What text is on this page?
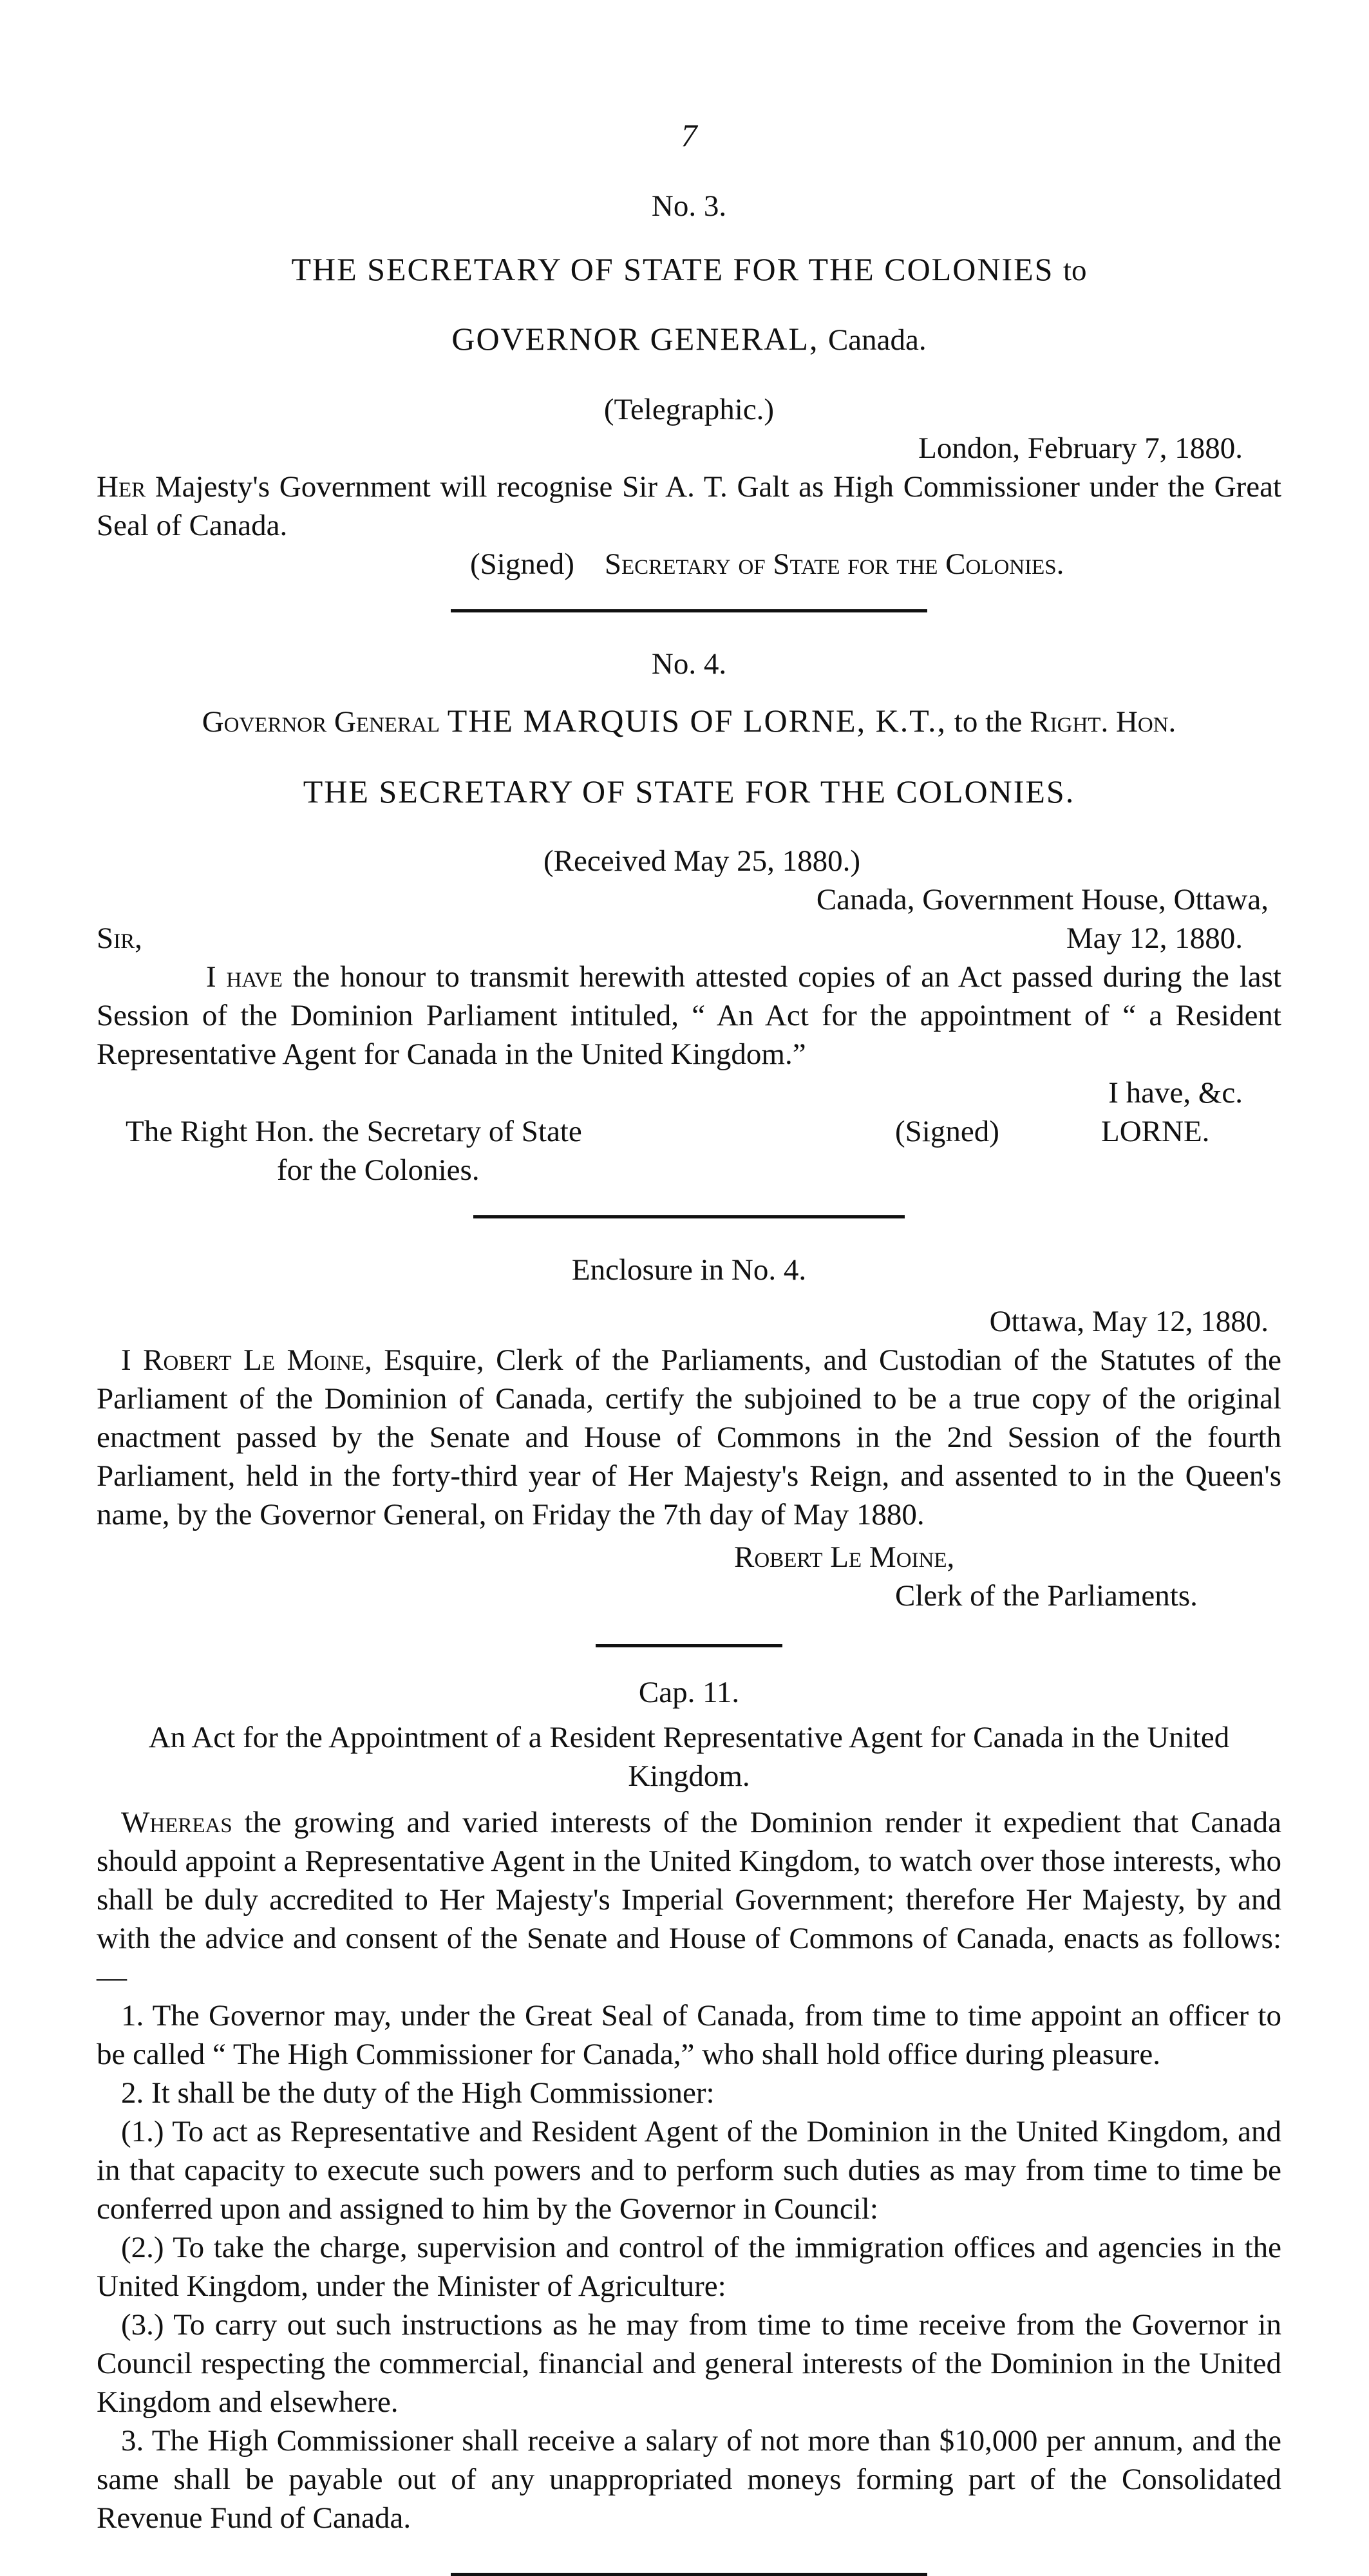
7

No. 3.

THE SECRETARY OF STATE FOR THE COLONIES to

GOVERNOR GENERAL, Canada.

(Telegraphic.)

London, February 7, 1880.

Her Majesty's Government will recognise Sir A. T. Galt as High Commissioner under the Great Seal of Canada.

(Signed) Secretary of State for the Colonies.

No. 4.

Governor General THE MARQUIS OF LORNE, K.T., to the Right. Hon.

THE SECRETARY OF STATE FOR THE COLONIES.

(Received May 25, 1880.)

Canada, Government House, Ottawa,

Sir,	May 12, 1880.

I have the honour to transmit herewith attested copies of an Act passed during the last Session of the Dominion Parliament intituled, “ An Act for the appointment of “ a Resident Representative Agent for Canada in the United Kingdom.”

I have, &c.

The Right Hon. the Secretary of State	(Signed)	LORNE.

for the Colonies.

Enclosure in No. 4.

Ottawa, May 12, 1880.

I Robert Le Moine, Esquire, Clerk of the Parliaments, and Custodian of the Statutes of the Parliament of the Dominion of Canada, certify the subjoined to be a true copy of the original enactment passed by the Senate and House of Commons in the 2nd Session of the fourth Parliament, held in the forty-third year of Her Majesty's Reign, and assented to in the Queen's name, by the Governor General, on Friday the 7th day of May 1880.

Robert Le Moine,

Clerk of the Parliaments.

Cap. 11.

An Act for the Appointment of a Resident Representative Agent for Canada in the United Kingdom.

Whereas the growing and varied interests of the Dominion render it expedient that Canada should appoint a Representative Agent in the United Kingdom, to watch over those interests, who shall be duly accredited to Her Majesty's Imperial Government; therefore Her Majesty, by and with the advice and consent of the Senate and House of Commons of Canada, enacts as follows:—

1. The Governor may, under the Great Seal of Canada, from time to time appoint an officer to be called “ The High Commissioner for Canada,” who shall hold office during pleasure.

2. It shall be the duty of the High Commissioner:

(1.) To act as Representative and Resident Agent of the Dominion in the United Kingdom, and in that capacity to execute such powers and to perform such duties as may from time to time be conferred upon and assigned to him by the Governor in Council:

(2.) To take the charge, supervision and control of the immigration offices and agencies in the United Kingdom, under the Minister of Agriculture:

(3.) To carry out such instructions as he may from time to time receive from the Governor in Council respecting the commercial, financial and general interests of the Dominion in the United Kingdom and elsewhere.

3. The High Commissioner shall receive a salary of not more than $10,000 per annum, and the same shall be payable out of any unappropriated moneys forming part of the Consolidated Revenue Fund of Canada.
